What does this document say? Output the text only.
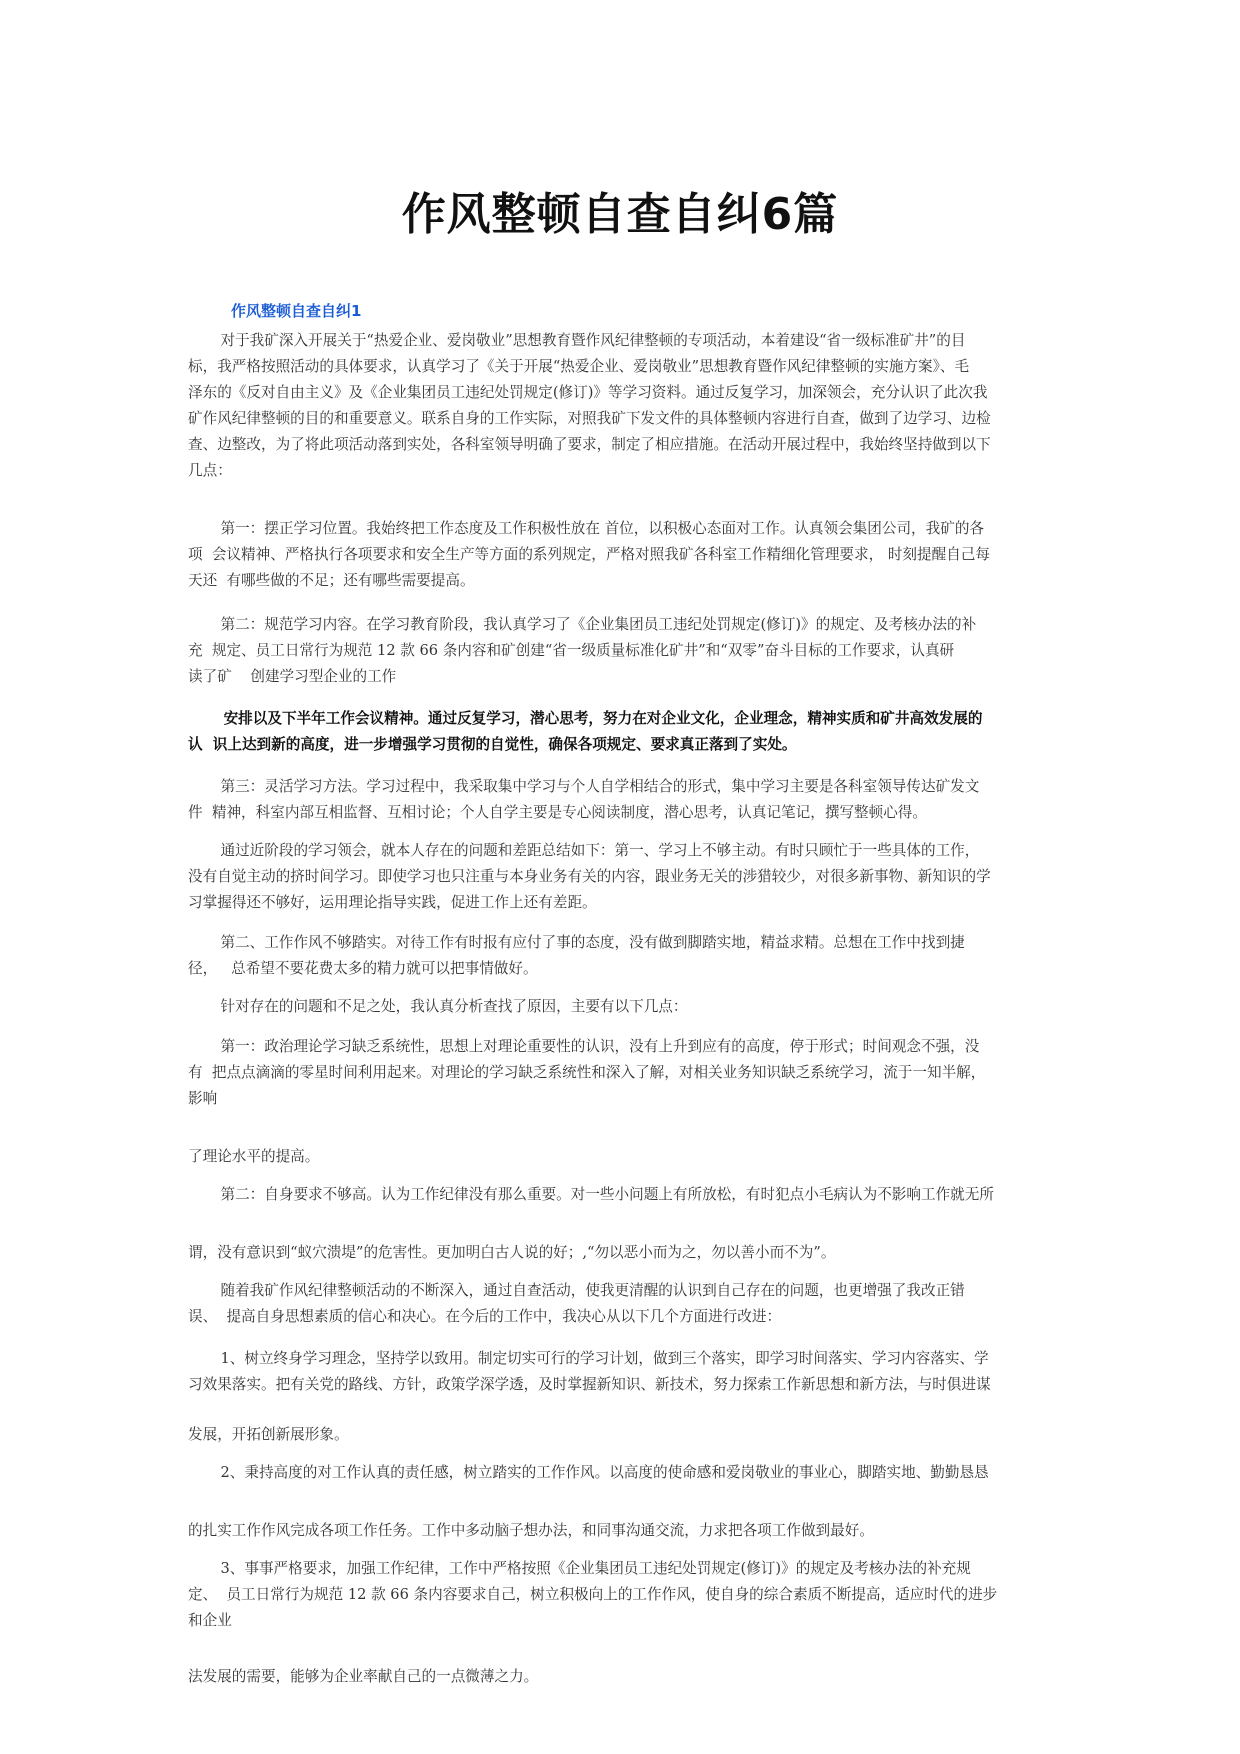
作风整顿自查自纠6篇
作风整顿自查自纠1

对于我矿深入开展关于“热爱企业、爱岗敬业”思想教育暨作风纪律整顿的专项活动，本着建设“省一级标准矿井”的目
标，我严格按照活动的具体要求，认真学习了《关于开展“热爱企业、爱岗敬业”思想教育暨作风纪律整顿的实施方案》、毛
泽东的《反对自由主义》及《企业集团员工违纪处罚规定(修订)》等学习资料。通过反复学习，加深领会，充分认识了此次我
矿作风纪律整顿的目的和重要意义。联系自身的工作实际，对照我矿下发文件的具体整顿内容进行自查，做到了边学习、边检
查、边整改，为了将此项活动落到实处，各科室领导明确了要求，制定了相应措施。在活动开展过程中，我始终坚持做到以下
几点：

第一：摆正学习位置。我始终把工作态度及工作积极性放在 首位，以积极心态面对工作。认真领会集团公司，我矿的各
项  会议精神、严格执行各项要求和安全生产等方面的系列规定，严格对照我矿各科室工作精细化管理要求， 时刻提醒自己每
天还  有哪些做的不足；还有哪些需要提高。

第二：规范学习内容。在学习教育阶段，我认真学习了《企业集团员工违纪处罚规定(修订)》的规定、及考核办法的补
充  规定、员工日常行为规范 12 款 66 条内容和矿创建“省一级质量标准化矿井”和“双零”奋斗目标的工作要求，认真研
读了矿    创建学习型企业的工作

安排以及下半年工作会议精神。通过反复学习，潜心思考，努力在对企业文化，企业理念，精神实质和矿井高效发展的
认  识上达到新的高度，进一步增强学习贯彻的自觉性，确保各项规定、要求真正落到了实处。

第三：灵活学习方法。学习过程中，我采取集中学习与个人自学相结合的形式，集中学习主要是各科室领导传达矿发文
件  精神，科室内部互相监督、互相讨论；个人自学主要是专心阅读制度，潜心思考，认真记笔记，撰写整顿心得。

通过近阶段的学习领会，就本人存在的问题和差距总结如下：第一、学习上不够主动。有时只顾忙于一些具体的工作，
没有自觉主动的挤时间学习。即使学习也只注重与本身业务有关的内容，跟业务无关的涉猎较少，对很多新事物、新知识的学
习掌握得还不够好，运用理论指导实践，促进工作上还有差距。

第二、工作作风不够踏实。对待工作有时报有应付了事的态度，没有做到脚踏实地，精益求精。总想在工作中找到捷
径，   总希望不要花费太多的精力就可以把事情做好。

针对存在的问题和不足之处，我认真分析查找了原因，主要有以下几点：

第一：政治理论学习缺乏系统性，思想上对理论重要性的认识，没有上升到应有的高度，停于形式；时间观念不强，没
有  把点点滴滴的零星时间利用起来。对理论的学习缺乏系统性和深入了解，对相关业务知识缺乏系统学习，流于一知半解，
影响

了理论水平的提高。

第二：自身要求不够高。认为工作纪律没有那么重要。对一些小问题上有所放松，有时犯点小毛病认为不影响工作就无所

谓，没有意识到“蚁穴溃堤”的危害性。更加明白古人说的好；,“勿以恶小而为之，勿以善小而不为”。

随着我矿作风纪律整顿活动的不断深入，通过自查活动，使我更清醒的认识到自己存在的问题，也更增强了我改正错
误、  提高自身思想素质的信心和决心。在今后的工作中，我决心从以下几个方面进行改进：

1、树立终身学习理念，坚持学以致用。制定切实可行的学习计划，做到三个落实，即学习时间落实、学习内容落实、学
习效果落实。把有关党的路线、方针，政策学深学透，及时掌握新知识、新技术，努力探索工作新思想和新方法，与时俱进谋

发展，开拓创新展形象。

2、秉持高度的对工作认真的责任感，树立踏实的工作作风。以高度的使命感和爱岗敬业的事业心，脚踏实地、勤勤恳恳

的扎实工作作风完成各项工作任务。工作中多动脑子想办法，和同事沟通交流，力求把各项工作做到最好。

3、事事严格要求，加强工作纪律，工作中严格按照《企业集团员工违纪处罚规定(修订)》的规定及考核办法的补充规
定、  员工日常行为规范 12 款 66 条内容要求自己，树立积极向上的工作作风，使自身的综合素质不断提高，适应时代的进步
和企业

法发展的需要，能够为企业率献自己的一点微薄之力。
